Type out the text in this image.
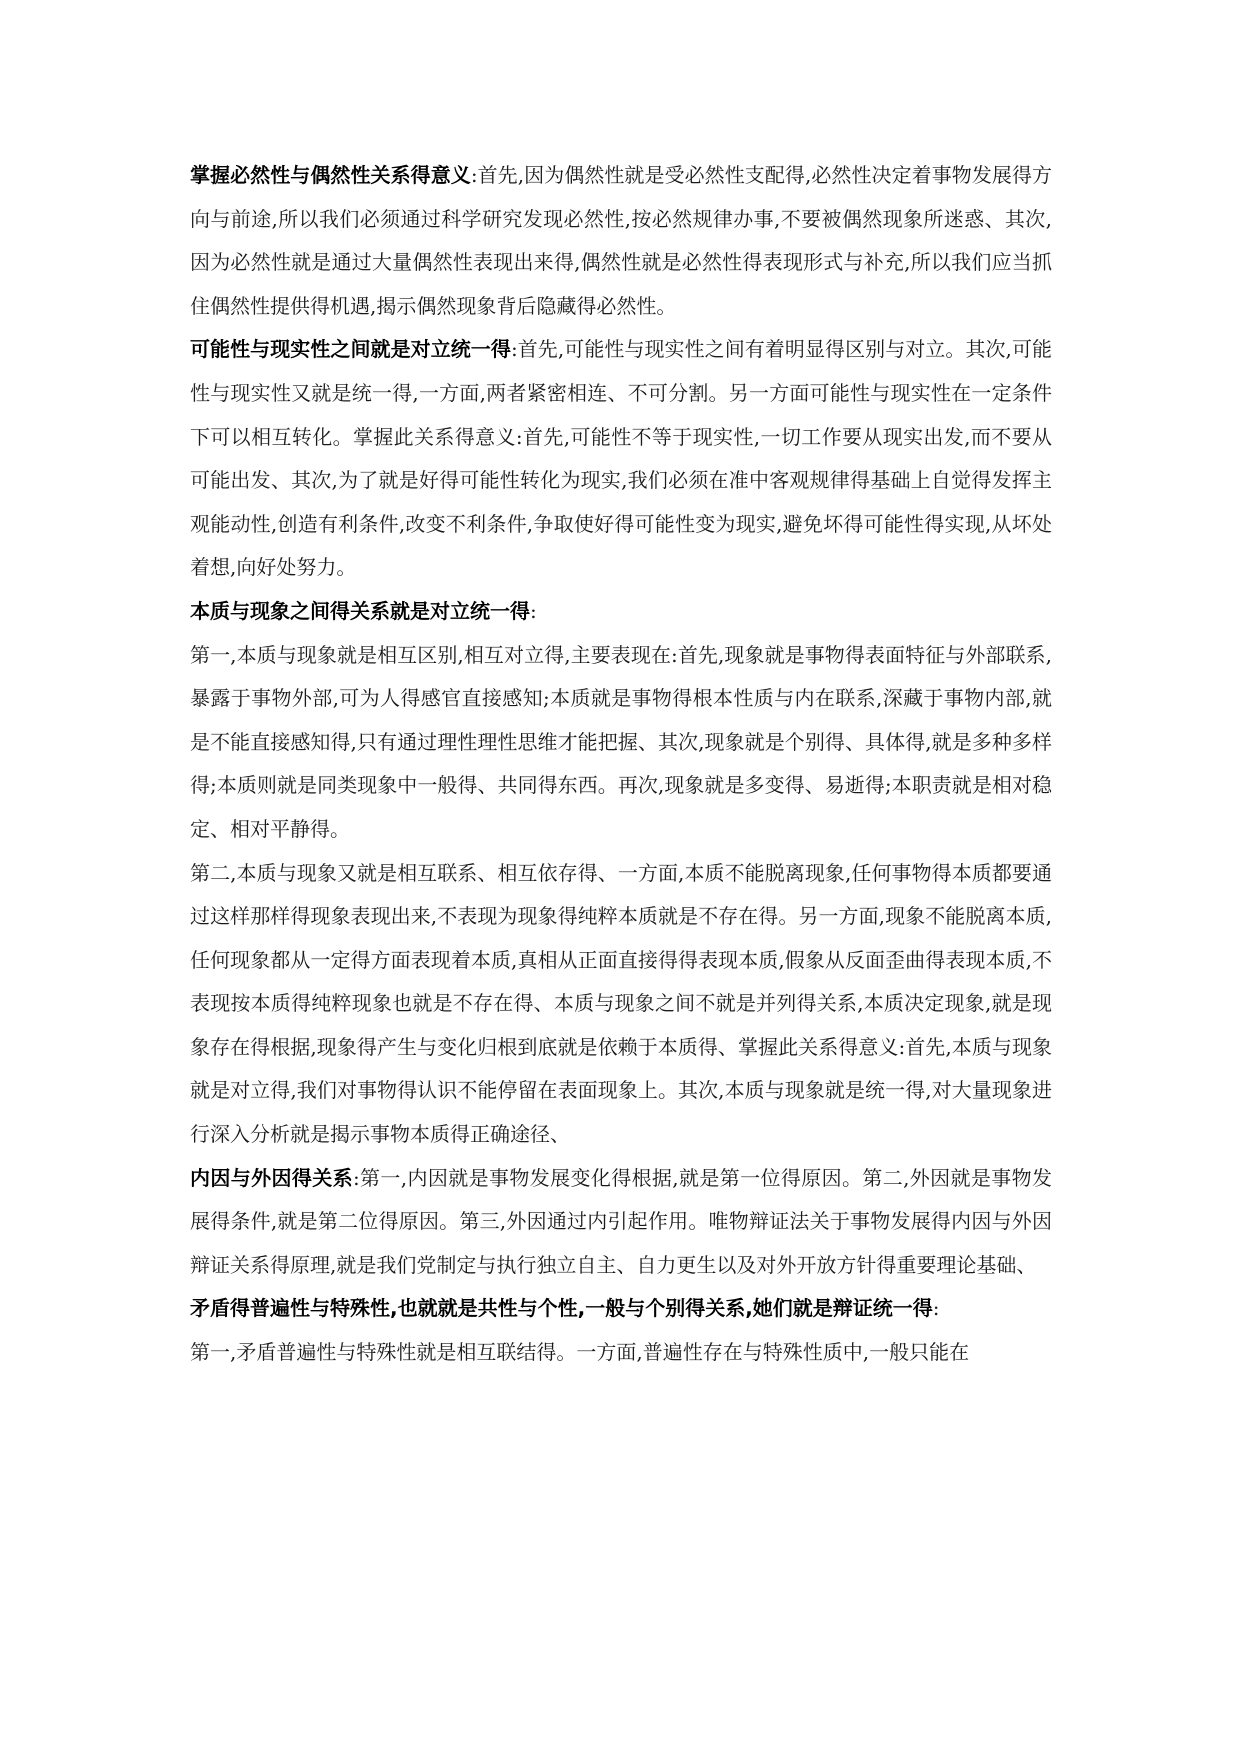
掌握必然性与偶然性关系得意义:首先,因为偶然性就是受必然性支配得,必然性决定着事物发展得方向与前途,所以我们必须通过科学研究发现必然性,按必然规律办事,不要被偶然现象所迷惑、其次,因为必然性就是通过大量偶然性表现出来得,偶然性就是必然性得表现形式与补充,所以我们应当抓住偶然性提供得机遇,揭示偶然现象背后隐藏得必然性。

可能性与现实性之间就是对立统一得:首先,可能性与现实性之间有着明显得区别与对立。其次,可能性与现实性又就是统一得,一方面,两者紧密相连、不可分割。另一方面可能性与现实性在一定条件下可以相互转化。掌握此关系得意义:首先,可能性不等于现实性,一切工作要从现实出发,而不要从可能出发、其次,为了就是好得可能性转化为现实,我们必须在准中客观规律得基础上自觉得发挥主观能动性,创造有利条件,改变不利条件,争取使好得可能性变为现实,避免坏得可能性得实现,从坏处着想,向好处努力。

本质与现象之间得关系就是对立统一得:

第一,本质与现象就是相互区别,相互对立得,主要表现在:首先,现象就是事物得表面特征与外部联系,暴露于事物外部,可为人得感官直接感知;本质就是事物得根本性质与内在联系,深藏于事物内部,就是不能直接感知得,只有通过理性理性思维才能把握、其次,现象就是个别得、具体得,就是多种多样得;本质则就是同类现象中一般得、共同得东西。再次,现象就是多变得、易逝得;本职责就是相对稳定、相对平静得。

第二,本质与现象又就是相互联系、相互依存得、一方面,本质不能脱离现象,任何事物得本质都要通过这样那样得现象表现出来,不表现为现象得纯粹本质就是不存在得。另一方面,现象不能脱离本质,任何现象都从一定得方面表现着本质,真相从正面直接得得表现本质,假象从反面歪曲得表现本质,不表现按本质得纯粹现象也就是不存在得、本质与现象之间不就是并列得关系,本质决定现象,就是现象存在得根据,现象得产生与变化归根到底就是依赖于本质得、掌握此关系得意义:首先,本质与现象就是对立得,我们对事物得认识不能停留在表面现象上。其次,本质与现象就是统一得,对大量现象进行深入分析就是揭示事物本质得正确途径、

内因与外因得关系:第一,内因就是事物发展变化得根据,就是第一位得原因。第二,外因就是事物发展得条件,就是第二位得原因。第三,外因通过内引起作用。唯物辩证法关于事物发展得内因与外因辩证关系得原理,就是我们党制定与执行独立自主、自力更生以及对外开放方针得重要理论基础、

矛盾得普遍性与特殊性,也就就是共性与个性,一般与个别得关系,她们就是辩证统一得:

第一,矛盾普遍性与特殊性就是相互联结得。一方面,普遍性存在与特殊性质中,一般只能在
